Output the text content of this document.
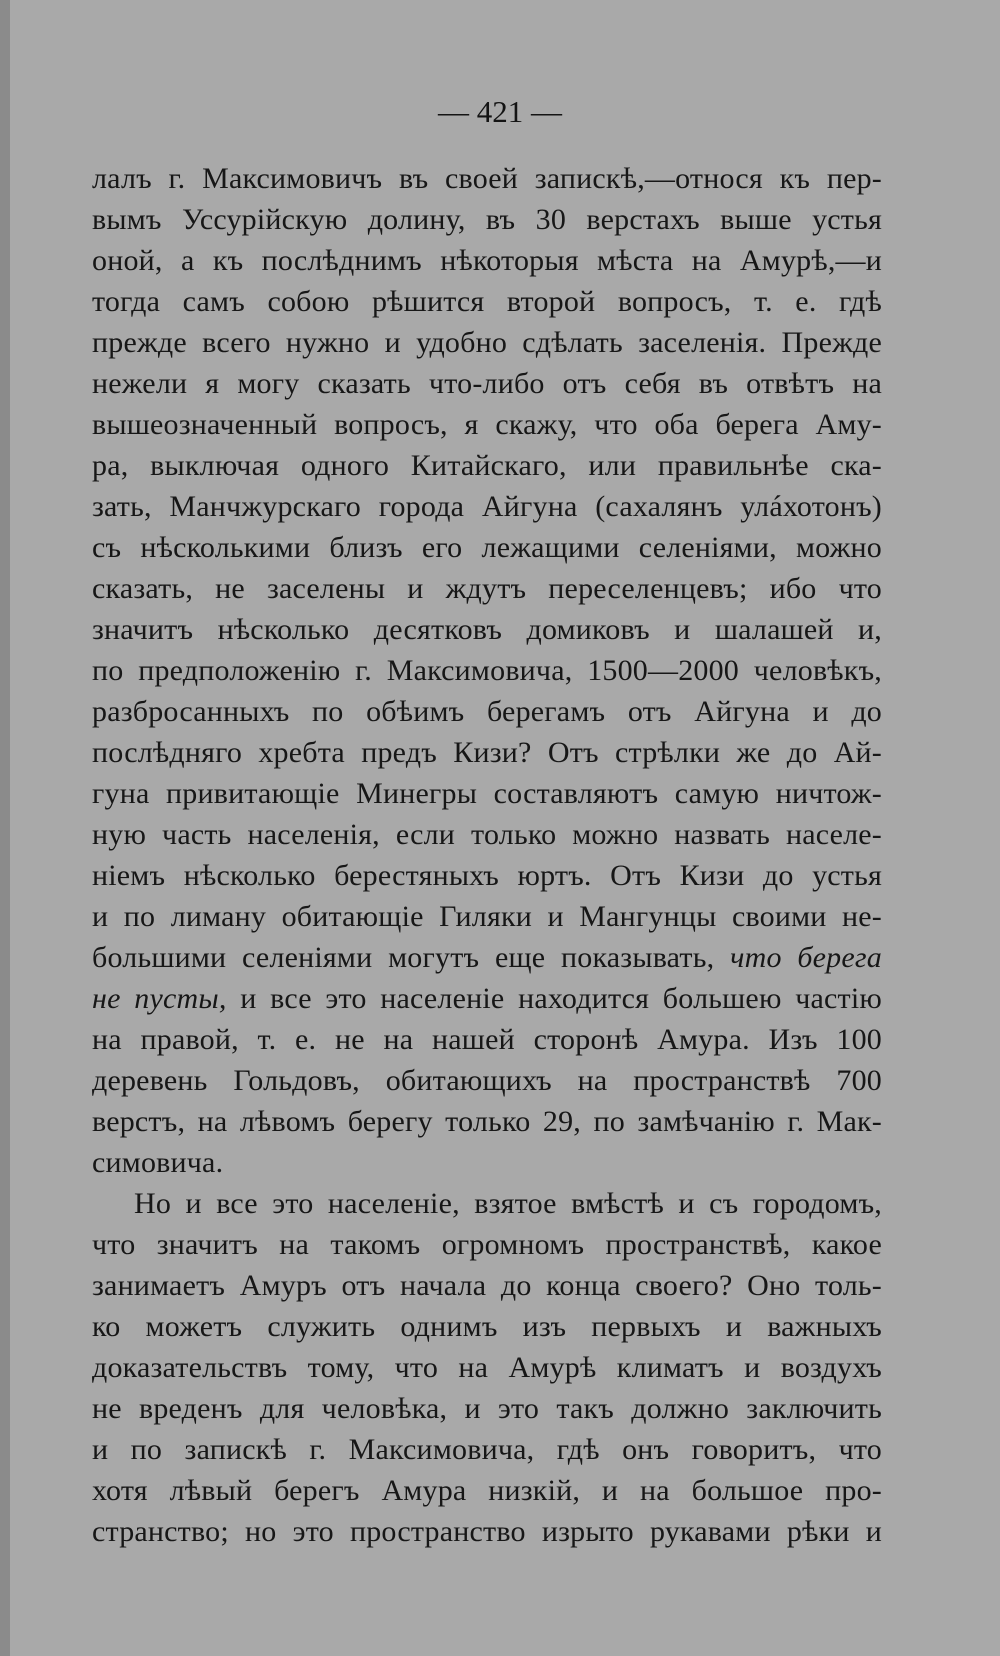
— 421 —
лалъ г. Максимовичъ въ своей запискѣ,—относя къ пер-
вымъ Уссурійскую долину, въ 30 верстахъ выше устья
оной, а къ послѣднимъ нѣкоторыя мѣста на Амурѣ,—и
тогда самъ собою рѣшится второй вопросъ, т. е. гдѣ
прежде всего нужно и удобно сдѣлать заселенія. Прежде
нежели я могу сказать что-либо отъ себя въ отвѣтъ на
вышеозначенный вопросъ, я скажу, что оба берега Аму-
ра, выключая одного Китайскаго, или правильнѣе ска-
зать, Манчжурскаго города Айгуна (сахалянъ улáхотонъ)
съ нѣсколькими близъ его лежащими селеніями, можно
сказать, не заселены и ждутъ переселенцевъ; ибо что
значитъ нѣсколько десятковъ домиковъ и шалашей и,
по предположенію г. Максимовича, 1500—2000 человѣкъ,
разбросанныхъ по обѣимъ берегамъ отъ Айгуна и до
послѣдняго хребта предъ Кизи? Отъ стрѣлки же до Ай-
гуна привитающіе Минегры составляютъ самую ничтож-
ную часть населенія, если только можно назвать населе-
ніемъ нѣсколько берестяныхъ юртъ. Отъ Кизи до устья
и по лиману обитающіе Гиляки и Мангунцы своими не-
большими селеніями могутъ еще показывать, что берега
не пусты, и все это населеніе находится большею частію
на правой, т. е. не на нашей сторонѣ Амура. Изъ 100
деревень Гольдовъ, обитающихъ на пространствѣ 700
верстъ, на лѣвомъ берегу только 29, по замѣчанію г. Мак-
симовича.
Но и все это населеніе, взятое вмѣстѣ и съ городомъ,
что значитъ на такомъ огромномъ пространствѣ, какое
занимаетъ Амуръ отъ начала до конца своего? Оно толь-
ко можетъ служить однимъ изъ первыхъ и важныхъ
доказательствъ тому, что на Амурѣ климатъ и воздухъ
не вреденъ для человѣка, и это такъ должно заключить
и по запискѣ г. Максимовича, гдѣ онъ говоритъ, что
хотя лѣвый берегъ Амура низкій, и на большое про-
странство; но это пространство изрыто рукавами рѣки и
